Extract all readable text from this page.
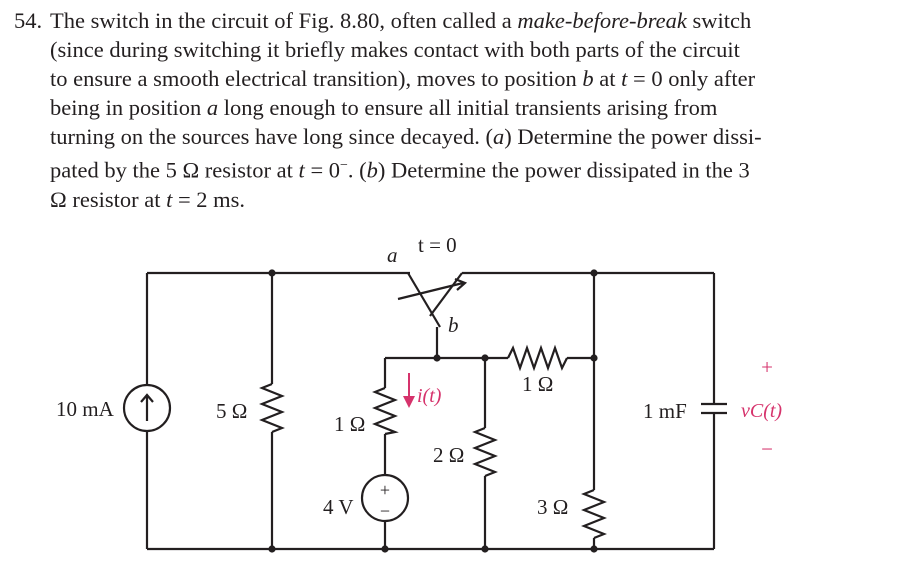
54. The switch in the circuit of Fig. 8.80, often called a make-before-break switch
(since during switching it briefly makes contact with both parts of the circuit
to ensure a smooth electrical transition), moves to position b at t = 0 only after
being in position a long enough to ensure all initial transients arising from
turning on the sources have long since decayed. (a) Determine the power dissi-
pated by the 5 Ω resistor at t = 0−. (b) Determine the power dissipated in the 3
Ω resistor at t = 2 ms.
10 mA	5 Ω
a t = 0
b
1 Ω
1 Ω
+
−
4 V
i(t)
2 Ω
3 Ω
1 mF
+
vC(t)
−
